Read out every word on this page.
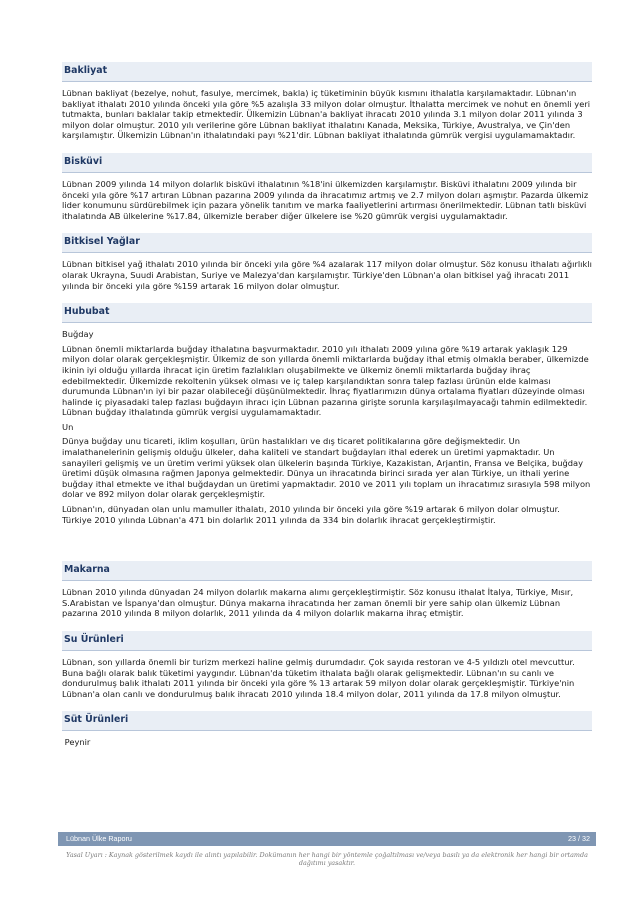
Bakliyat

Lübnan bakliyat (bezelye, nohut, fasulye, mercimek, bakla) iç tüketiminin büyük kısmını ithalatla karşılamaktadır. Lübnan'ın bakliyat ithalatı 2010 yılında önceki yıla göre %5 azalışla 33 milyon dolar olmuştur. İthalatta mercimek ve nohut en önemli yeri tutmakta, bunları baklalar takip etmektedir. Ülkemizin Lübnan'a bakliyat ihracatı 2010 yılında 3.1 milyon dolar 2011 yılında 3 milyon dolar olmuştur. 2010 yılı verilerine göre Lübnan bakliyat ithalatını Kanada, Meksika, Türkiye, Avustralya, ve Çin'den karşılamıştır. Ülkemizin Lübnan'ın ithalatındaki payı %21'dir. Lübnan bakliyat ithalatında gümrük vergisi uygulamamaktadır.

Bisküvi

Lübnan 2009 yılında 14 milyon dolarlık bisküvi ithalatının %18'ini ülkemizden karşılamıştır. Bisküvi ithalatını 2009 yılında bir önceki yıla göre %17 artıran Lübnan pazarına 2009 yılında da ihracatımız artmış ve 2.7 milyon doları aşmıştır. Pazarda ülkemiz lider konumunu sürdürebilmek için pazara yönelik tanıtım ve marka faaliyetlerini artırması önerilmektedir. Lübnan tatlı bisküvi ithalatında AB ülkelerine %17.84, ülkemizle beraber diğer ülkelere ise %20 gümrük vergisi uygulamaktadır.

Bitkisel Yağlar

Lübnan bitkisel yağ ithalatı 2010 yılında bir önceki yıla göre %4 azalarak 117 milyon dolar olmuştur. Söz konusu ithalatı ağırlıklı olarak Ukrayna, Suudi Arabistan, Suriye ve Malezya'dan karşılamıştır. Türkiye'den Lübnan'a olan bitkisel yağ ihracatı 2011 yılında bir önceki yıla göre %159 artarak 16 milyon dolar olmuştur.

Hububat
Buğday

Lübnan önemli miktarlarda buğday ithalatına başvurmaktadır. 2010 yılı ithalatı 2009 yılına göre %19 artarak yaklaşık 129 milyon dolar olarak gerçekleşmiştir. Ülkemiz de son yıllarda önemli miktarlarda buğday ithal etmiş olmakla beraber, ülkemizde ikinin iyi olduğu yıllarda ihracat için üretim fazlalıkları oluşabilmekte ve ülkemiz önemli miktarlarda buğday ihraç edebilmektedir. Ülkemizde rekoltenin yüksek olması ve iç talep karşılandıktan sonra talep fazlası ürünün elde kalması durumunda Lübnan'ın iyi bir pazar olabileceği düşünülmektedir. İhraç fiyatlarımızın dünya ortalama fiyatları düzeyinde olması halinde iç piyasadaki talep fazlası buğdayın ihracı için Lübnan pazarına girişte sorunla karşılaşılmayacağı tahmin edilmektedir. Lübnan buğday ithalatında gümrük vergisi uygulamamaktadır.

Un

Dünya buğday unu ticareti, iklim koşulları, ürün hastalıkları ve dış ticaret politikalarına göre değişmektedir. Un imalathanelerinin gelişmiş olduğu ülkeler, daha kaliteli ve standart buğdayları ithal ederek un üretimi yapmaktadır. Un sanayileri gelişmiş ve un üretim verimi yüksek olan ülkelerin başında Türkiye, Kazakistan, Arjantin, Fransa ve Belçika, buğday üretimi düşük olmasına rağmen Japonya gelmektedir. Dünya un ihracatında birinci sırada yer alan Türkiye, un ithali yerine buğday ithal etmekte ve ithal buğdaydan un üretimi yapmaktadır. 2010 ve 2011 yılı toplam un ihracatımız sırasıyla 598 milyon dolar ve 892 milyon dolar olarak gerçekleşmiştir.

Lübnan'ın, dünyadan olan unlu mamuller ithalatı, 2010 yılında bir önceki yıla göre %19 artarak 6 milyon dolar olmuştur. Türkiye 2010 yılında Lübnan'a 471 bin dolarlık 2011 yılında da 334 bin dolarlık ihracat gerçekleştirmiştir.

Makarna

Lübnan 2010 yılında dünyadan 24 milyon dolarlık makarna alımı gerçekleştirmiştir. Söz konusu ithalat İtalya, Türkiye, Mısır, S.Arabistan ve İspanya'dan olmuştur. Dünya makarna ihracatında her zaman önemli bir yere sahip olan ülkemiz Lübnan pazarına 2010 yılında 8 milyon dolarlık, 2011 yılında da 4 milyon dolarlık makarna ihraç etmiştir.

Su Ürünleri

Lübnan, son yıllarda önemli bir turizm merkezi haline gelmiş durumdadır. Çok sayıda restoran ve 4-5 yıldızlı otel mevcuttur. Buna bağlı olarak balık tüketimi yaygındır. Lübnan'da tüketim ithalata bağlı olarak gelişmektedir. Lübnan'ın su canlı ve dondurulmuş balık ithalatı 2011 yılında bir önceki yıla göre % 13 artarak 59 milyon dolar olarak gerçekleşmiştir. Türkiye'nin Lübnan'a olan canlı ve dondurulmuş balık ihracatı 2010 yılında 18.4 milyon dolar, 2011 yılında da 17.8 milyon olmuştur.

Süt Ürünleri
Peynir
Lübnan Ülke Raporu	23 / 32
Yasal Uyarı : Kaynak gösterilmek kaydı ile alıntı yapılabilir. Dokümanın her hangi bir yöntemle çoğaltılması ve/veya basılı ya da elektronik her hangi bir ortamda dağıtımı yasaktır.
